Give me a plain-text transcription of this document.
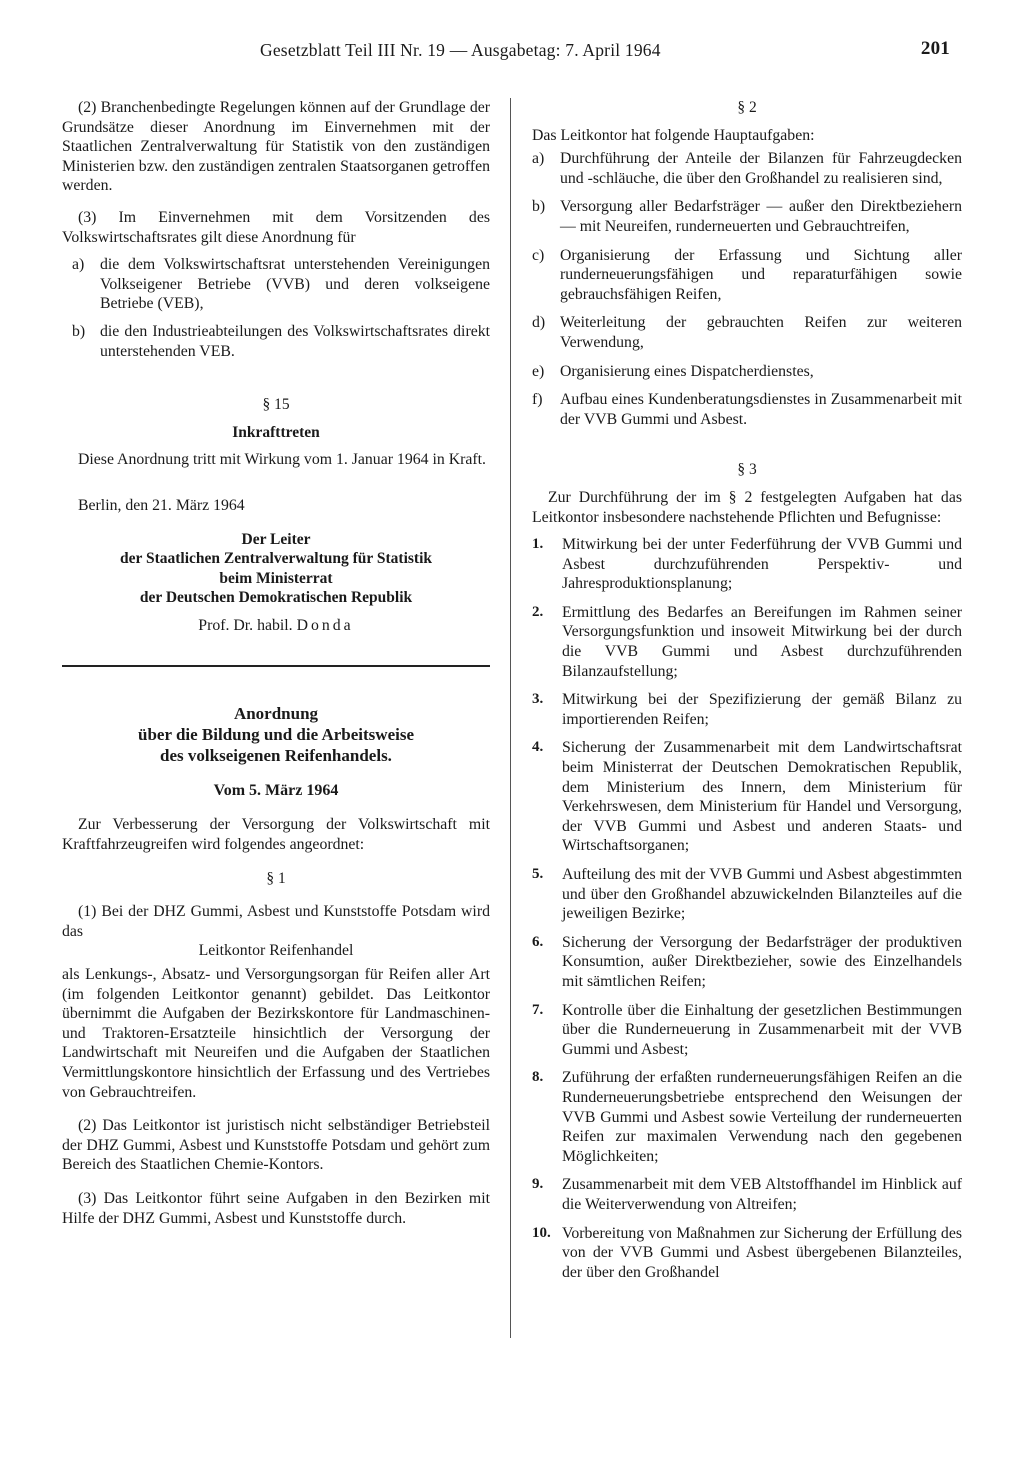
Gesetzblatt Teil III Nr. 19 — Ausgabetag: 7. April 1964	201

(2) Branchenbedingte Regelungen können auf der Grundlage der Grundsätze dieser Anordnung im Einvernehmen mit der Staatlichen Zentralverwaltung für Statistik von den zuständigen Ministerien bzw. den zuständigen zentralen Staatsorganen getroffen werden.

(3) Im Einvernehmen mit dem Vorsitzenden des Volkswirtschaftsrates gilt diese Anordnung für

a) die dem Volkswirtschaftsrat unterstehenden Vereinigungen Volkseigener Betriebe (VVB) und deren volkseigene Betriebe (VEB),
b) die den Industrieabteilungen des Volkswirtschaftsrates direkt unterstehenden VEB.

§ 15

Inkrafttreten

Diese Anordnung tritt mit Wirkung vom 1. Januar 1964 in Kraft.

Berlin, den 21. März 1964

Der Leiter

der Staatlichen Zentralverwaltung für Statistik

beim Ministerrat

der Deutschen Demokratischen Republik

Prof. Dr. habil. Donda

Anordnung

über die Bildung und die Arbeitsweise

des volkseigenen Reifenhandels.

Vom 5. März 1964

Zur Verbesserung der Versorgung der Volkswirtschaft mit Kraftfahrzeugreifen wird folgendes angeordnet:

§ 1

(1) Bei der DHZ Gummi, Asbest und Kunststoffe Potsdam wird das

Leitkontor Reifenhandel

als Lenkungs-, Absatz- und Versorgungsorgan für Reifen aller Art (im folgenden Leitkontor genannt) gebildet. Das Leitkontor übernimmt die Aufgaben der Bezirkskontore für Landmaschinen- und Traktoren-Ersatzteile hinsichtlich der Versorgung der Landwirtschaft mit Neureifen und die Aufgaben der Staatlichen Vermittlungskontore hinsichtlich der Erfassung und des Vertriebes von Gebrauchtreifen.

(2) Das Leitkontor ist juristisch nicht selbständiger Betriebsteil der DHZ Gummi, Asbest und Kunststoffe Potsdam und gehört zum Bereich des Staatlichen Chemie-Kontors.

(3) Das Leitkontor führt seine Aufgaben in den Bezirken mit Hilfe der DHZ Gummi, Asbest und Kunststoffe durch.

§ 2

Das Leitkontor hat folgende Hauptaufgaben:

a) Durchführung der Anteile der Bilanzen für Fahrzeugdecken und -schläuche, die über den Großhandel zu realisieren sind,
b) Versorgung aller Bedarfsträger — außer den Direktbeziehern — mit Neureifen, runderneuerten und Gebrauchtreifen,
c) Organisierung der Erfassung und Sichtung aller runderneuerungsfähigen und reparaturfähigen sowie gebrauchsfähigen Reifen,
d) Weiterleitung der gebrauchten Reifen zur weiteren Verwendung,
e) Organisierung eines Dispatcherdienstes,
f)	Aufbau eines Kundenberatungsdienstes in Zusammenarbeit mit der VVB Gummi und Asbest.

§ 3

Zur Durchführung der im § 2 festgelegten Aufgaben hat das Leitkontor insbesondere nachstehende Pflichten und Befugnisse:

1.	Mitwirkung bei der unter Federführung der VVB Gummi und Asbest durchzuführenden Perspektiv- und Jahresproduktionsplanung;
2.	Ermittlung des Bedarfes an Bereifungen im Rahmen seiner Versorgungsfunktion und insoweit Mitwirkung bei der durch die VVB Gummi und Asbest durchzuführenden Bilanzaufstellung;
3.	Mitwirkung bei der Spezifizierung der gemäß Bilanz zu importierenden Reifen;
4.	Sicherung der Zusammenarbeit mit dem Landwirtschaftsrat beim Ministerrat der Deutschen Demokratischen Republik, dem Ministerium des Innern, dem Ministerium für Verkehrswesen, dem Ministerium für Handel und Versorgung, der VVB Gummi und Asbest und anderen Staats- und Wirtschaftsorganen;
5.	Aufteilung des mit der VVB Gummi und Asbest abgestimmten und über den Großhandel abzuwickelnden Bilanzteiles auf die jeweiligen Bezirke;
6.	Sicherung der Versorgung der Bedarfsträger der produktiven Konsumtion, außer Direktbezieher, sowie des Einzelhandels mit sämtlichen Reifen;
7.	Kontrolle über die Einhaltung der gesetzlichen Bestimmungen über die Runderneuerung in Zusammenarbeit mit der VVB Gummi und Asbest;
8.	Zuführung der erfaßten runderneuerungsfähigen Reifen an die Runderneuerungsbetriebe entsprechend den Weisungen der VVB Gummi und Asbest sowie Verteilung der runderneuerten Reifen zur maximalen Verwendung nach den gegebenen Möglichkeiten;
9.	Zusammenarbeit mit dem VEB Altstoffhandel im Hinblick auf die Weiterverwendung von Altreifen;
10. Vorbereitung von Maßnahmen zur Sicherung der Erfüllung des von der VVB Gummi und Asbest übergebenen Bilanzteiles, der über den Großhandel
